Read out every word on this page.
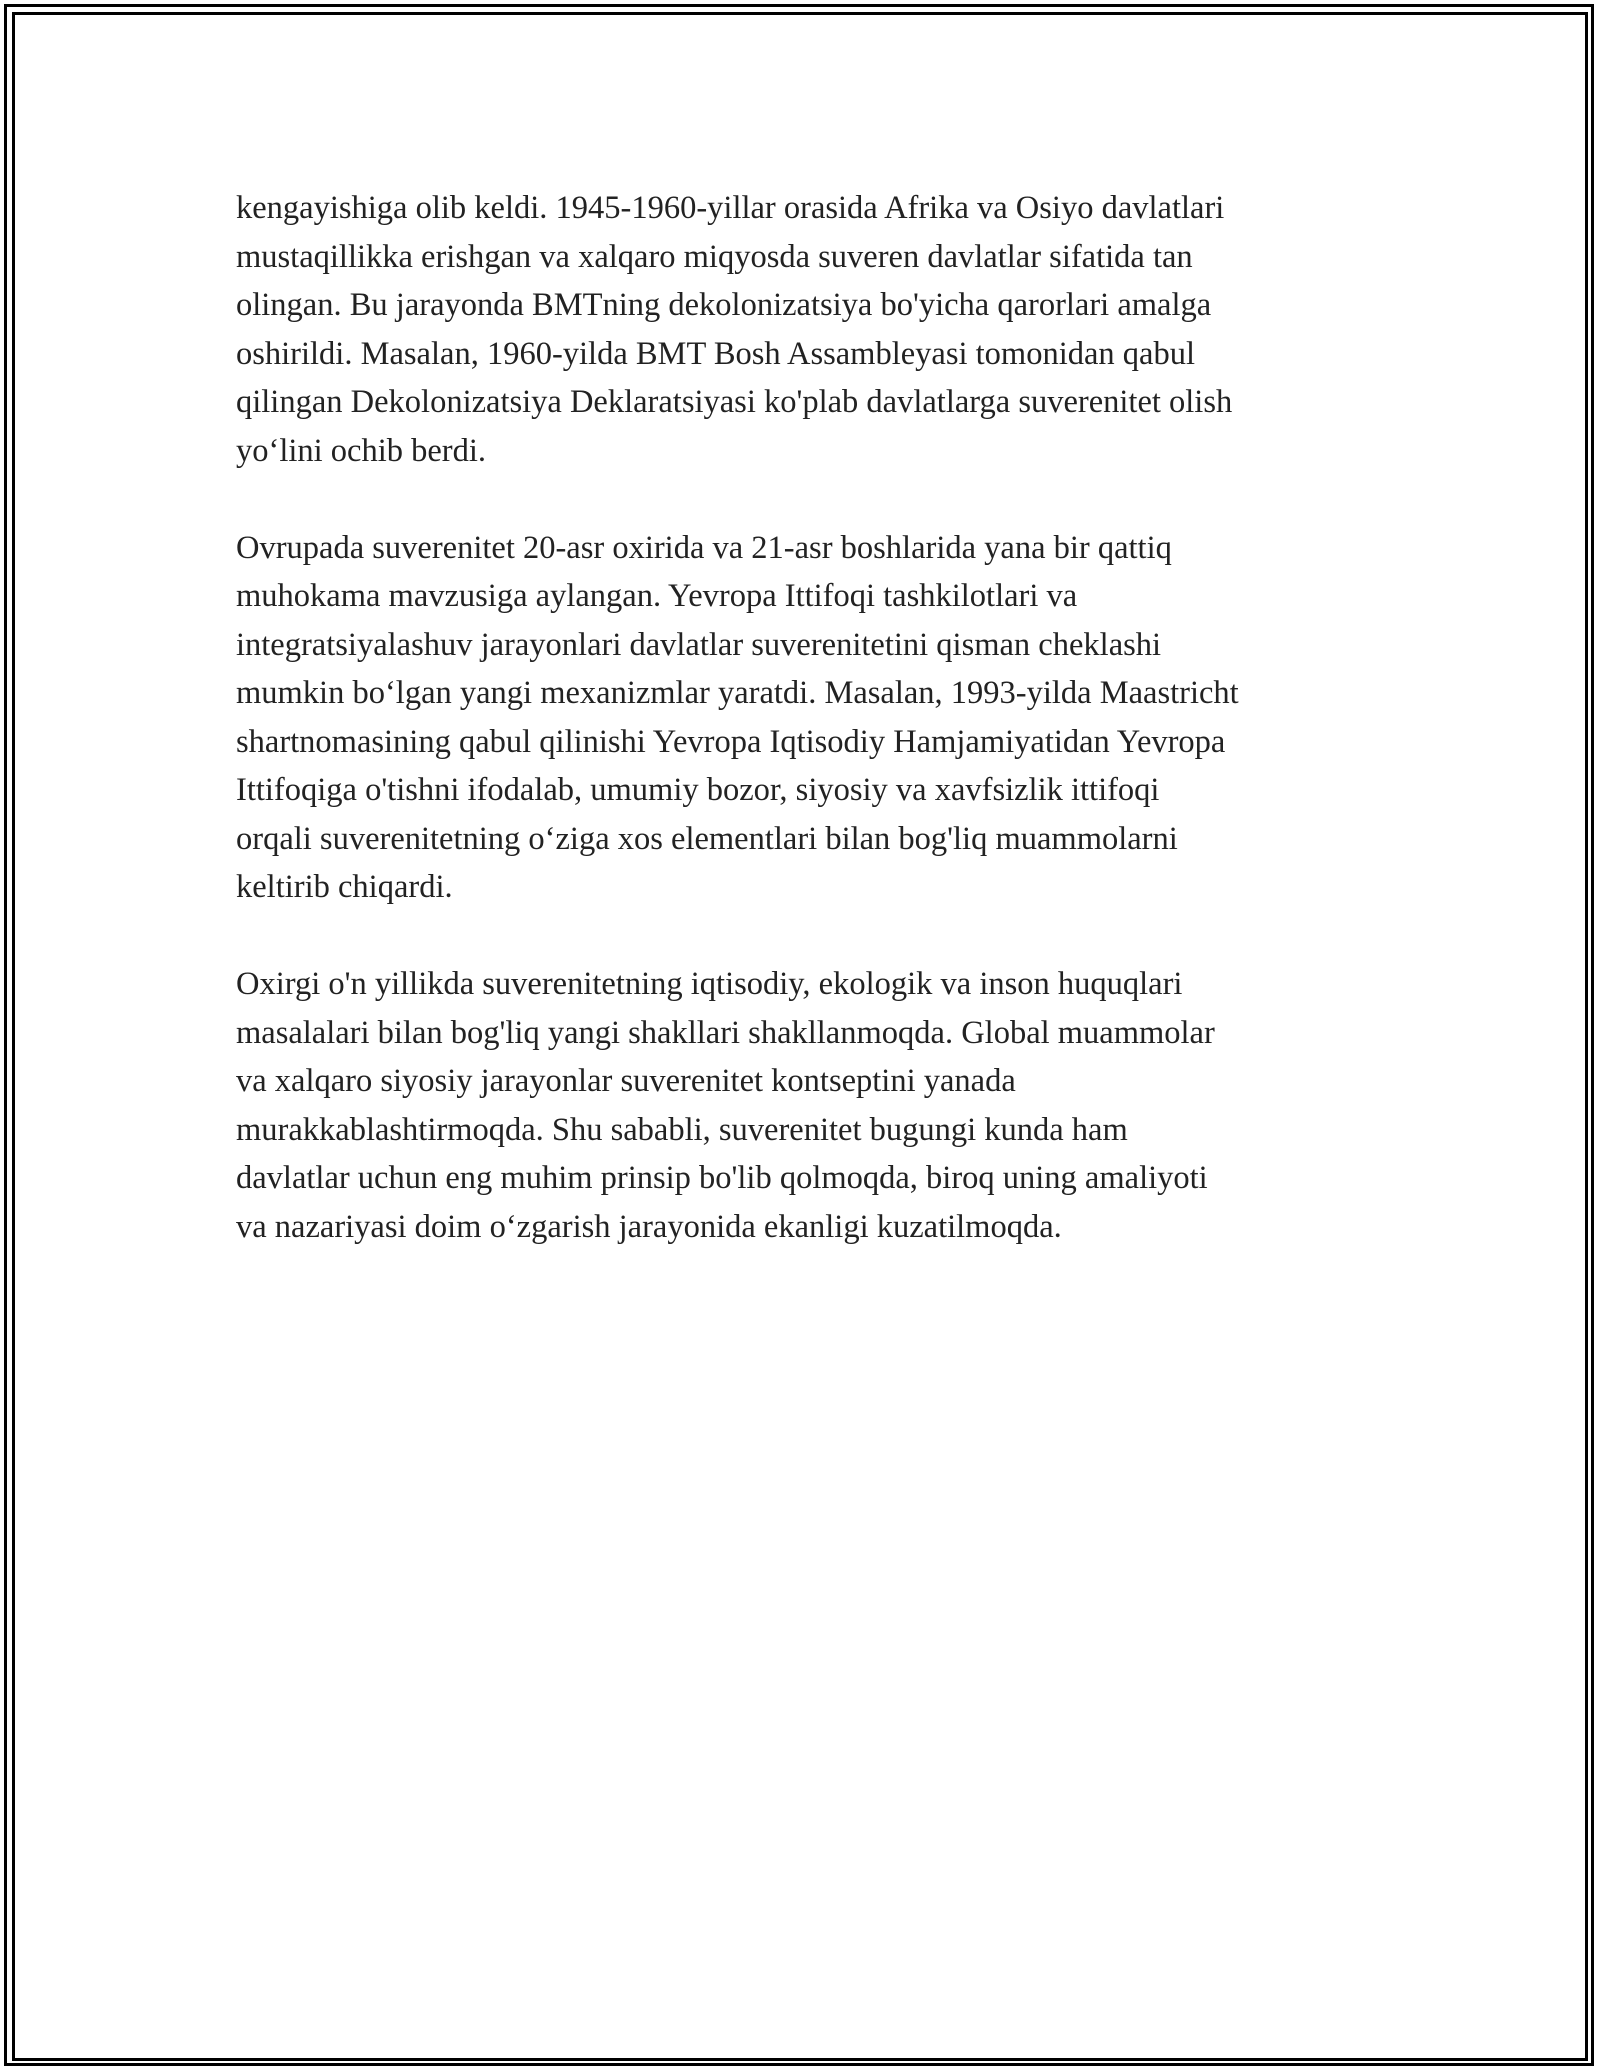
kengayishiga olib keldi. 1945-1960-yillar orasida Afrika va Osiyo davlatlari
mustaqillikka erishgan va xalqaro miqyosda suveren davlatlar sifatida tan
olingan. Bu jarayonda BMTning dekolonizatsiya bo'yicha qarorlari amalga
oshirildi. Masalan, 1960-yilda BMT Bosh Assambleyasi tomonidan qabul
qilingan Dekolonizatsiya Deklaratsiyasi ko'plab davlatlarga suverenitet olish
yo‘lini ochib berdi.

Ovrupada suverenitet 20-asr oxirida va 21-asr boshlarida yana bir qattiq
muhokama mavzusiga aylangan. Yevropa Ittifoqi tashkilotlari va
integratsiyalashuv jarayonlari davlatlar suverenitetini qisman cheklashi
mumkin bo‘lgan yangi mexanizmlar yaratdi. Masalan, 1993-yilda Maastricht
shartnomasining qabul qilinishi Yevropa Iqtisodiy Hamjamiyatidan Yevropa
Ittifoqiga o'tishni ifodalab, umumiy bozor, siyosiy va xavfsizlik ittifoqi
orqali suverenitetning o‘ziga xos elementlari bilan bog'liq muammolarni
keltirib chiqardi.

Oxirgi o'n yillikda suverenitetning iqtisodiy, ekologik va inson huquqlari
masalalari bilan bog'liq yangi shakllari shakllanmoqda. Global muammolar
va xalqaro siyosiy jarayonlar suverenitet kontseptini yanada
murakkablashtirmoqda. Shu sababli, suverenitet bugungi kunda ham
davlatlar uchun eng muhim prinsip bo'lib qolmoqda, biroq uning amaliyoti
va nazariyasi doim o‘zgarish jarayonida ekanligi kuzatilmoqda.
